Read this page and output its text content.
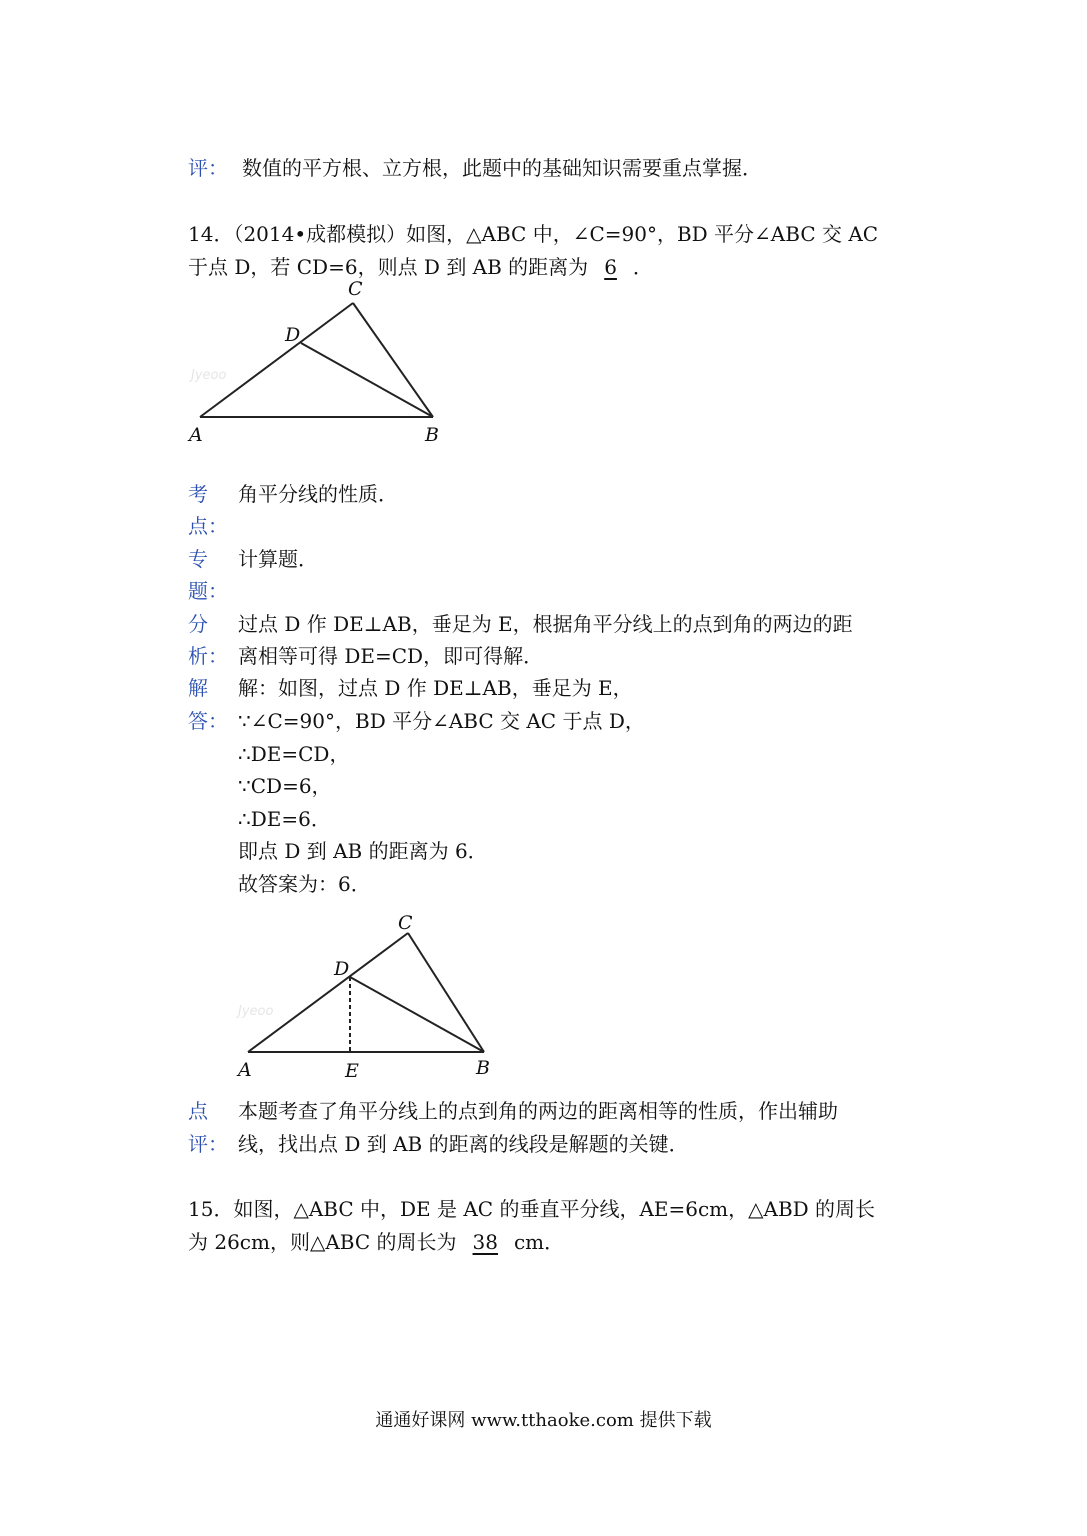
评： 数值的平方根、立方根，此题中的基础知识需要重点掌握．
14．（2014•成都模拟）如图，△ABC 中，∠C=90°，BD 平分∠ABC 交 AC
于点 D，若 CD=6，则点 D 到 AB 的距离为 6 ．
Jyeoo
A	B
C
D
考
点：
角平分线的性质．
专
题：
计算题．
分
析：
过点 D 作 DE⊥AB，垂足为 E，根据角平分线上的点到角的两边的距
离相等可得 DE=CD，即可得解．
解
答：
解：如图，过点 D 作 DE⊥AB，垂足为 E，
∵∠C=90°，BD 平分∠ABC 交 AC 于点 D，
∴DE=CD，
∵CD=6，
∴DE=6．
即点 D 到 AB 的距离为 6．
故答案为：6．
Jyeoo
A	B
C
D
E
点
评：
本题考查了角平分线上的点到角的两边的距离相等的性质，作出辅助
线，找出点 D 到 AB 的距离的线段是解题的关键．
15．如图，△ABC 中，DE 是 AC 的垂直平分线，AE=6cm，△ABD 的周长
为 26cm，则△ABC 的周长为 38 cm．
通通好课网 www.tthaoke.com 提供下载
